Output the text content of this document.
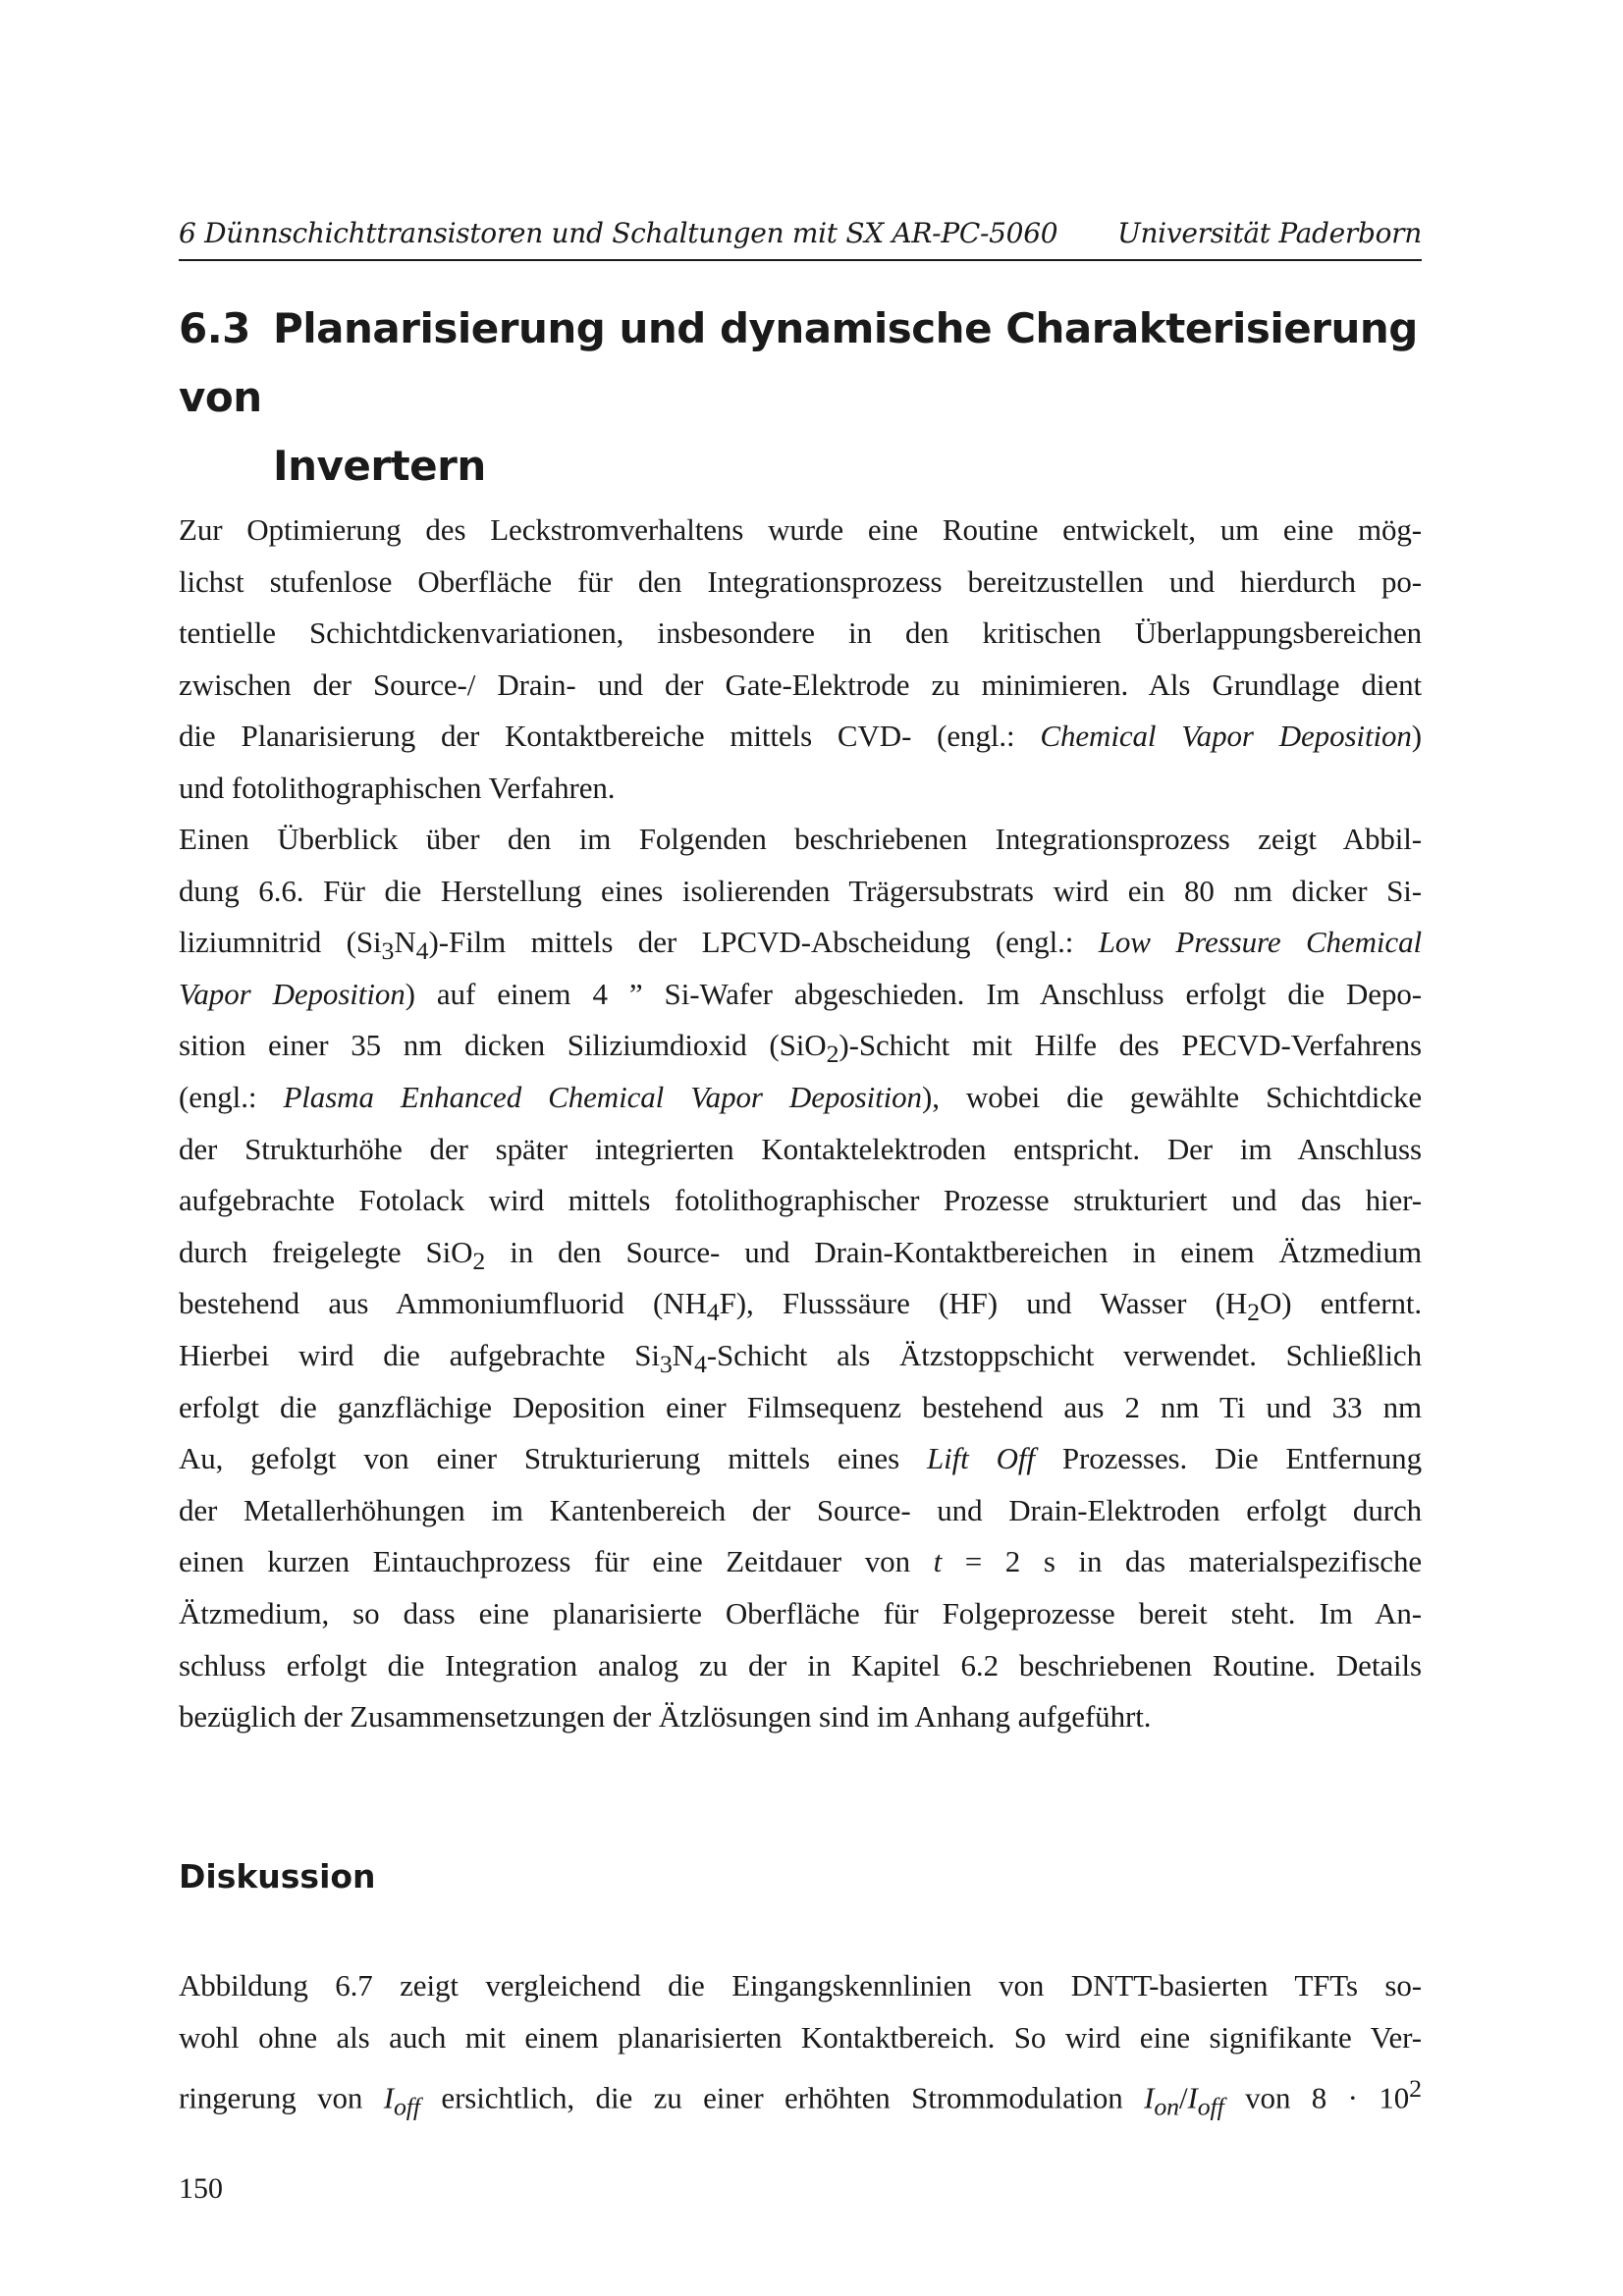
6 Dünnschichttransistoren und Schaltungen mit SX AR-PC-5060 Universität Paderborn
6.3 Planarisierung und dynamische Charakterisierung von
Invertern
Zur Optimierung des Leckstromverhaltens wurde eine Routine entwickelt, um eine mög-
lichst stufenlose Oberfläche für den Integrationsprozess bereitzustellen und hierdurch po-
tentielle Schichtdickenvariationen, insbesondere in den kritischen Überlappungsbereichen
zwischen der Source-/ Drain- und der Gate-Elektrode zu minimieren. Als Grundlage dient
die Planarisierung der Kontaktbereiche mittels CVD- (engl.: Chemical Vapor Deposition)
und fotolithographischen Verfahren.
Einen Überblick über den im Folgenden beschriebenen Integrationsprozess zeigt Abbil-
dung 6.6. Für die Herstellung eines isolierenden Trägersubstrats wird ein 80 nm dicker Si-
liziumnitrid $(Si_3N_4)$-Film mittels der LPCVD-Abscheidung (engl.: Low Pressure Chemical
Vapor Deposition) auf einem 4 ” Si-Wafer abgeschieden. Im Anschluss erfolgt die Depo-
sition einer 35 nm dicken Siliziumdioxid (SiO$_2$)-Schicht mit Hilfe des PECVD-Verfahrens
(engl.: Plasma Enhanced Chemical Vapor Deposition), wobei die gewählte Schichtdicke
der Strukturhöhe der später integrierten Kontaktelektroden entspricht. Der im Anschluss
aufgebrachte Fotolack wird mittels fotolithographischer Prozesse strukturiert und das hier-
durch freigelegte SiO$_2$ in den Source- und Drain-Kontaktbereichen in einem Ätzmedium
bestehend aus Ammoniumfluorid $(NH_4F)$, Flusssäure (HF) und Wasser $(H_2O)$ entfernt.
Hierbei wird die aufgebrachte $Si_3N_4$-Schicht als Ätzstoppschicht verwendet. Schließlich
erfolgt die ganzflächige Deposition einer Filmsequenz bestehend aus 2 nm Ti und 33 nm
Au, gefolgt von einer Strukturierung mittels eines Lift Off Prozesses. Die Entfernung
der Metallerhöhungen im Kantenbereich der Source- und Drain-Elektroden erfolgt durch
einen kurzen Eintauchprozess für eine Zeitdauer von t = 2 s in das materialspezifische
Ätzmedium, so dass eine planarisierte Oberfläche für Folgeprozesse bereit steht. Im An-
schluss erfolgt die Integration analog zu der in Kapitel 6.2 beschriebenen Routine. Details
bezüglich der Zusammensetzungen der Ätzlösungen sind im Anhang aufgeführt.
Diskussion
Abbildung 6.7 zeigt vergleichend die Eingangskennlinien von DNTT-basierten TFTs so-
wohl ohne als auch mit einem planarisierten Kontaktbereich. So wird eine signifikante Ver-
ringerung von $I_{off}$ ersichtlich, die zu einer erhöhten Strommodulation $I_{on}/I_{off}$ von $8 \cdot 10^2$
150
